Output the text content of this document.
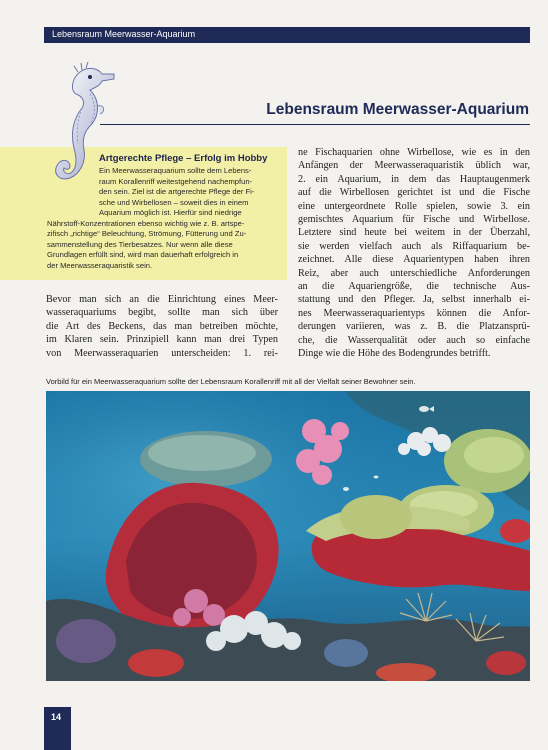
Lebensraum Meerwasser-Aquarium
Lebensraum Meerwasser-Aquarium
Artgerechte Pflege – Erfolg im Hobby
Ein Meerwasseraquarium sollte dem Lebens-
raum Korallenriff weitestgehend nachempfun-
den sein. Ziel ist die artgerechte Pflege der Fi-
sche und Wirbellosen – soweit dies in einem
Aquarium möglich ist. Hierfür sind niedrige
Nährstoff-Konzentrationen ebenso wichtig wie z. B. artspe-
zifisch „richtige“ Beleuchtung, Strömung, Fütterung und Zu-
sammenstellung des Tierbesatzes. Nur wenn alle diese
Grundlagen erfüllt sind, wird man dauerhaft erfolgreich in
der Meerwasseraquaristik sein.
Bevor man sich an die Einrichtung eines Meer-
wasseraquariums begibt, sollte man sich über
die Art des Beckens, das man betreiben möchte,
im Klaren sein. Prinzipiell kann man drei Typen
von Meerwasseraquarien unterscheiden: 1. rei-
ne Fischaquarien ohne Wirbellose, wie es in den
Anfängen der Meerwasseraquaristik üblich war,
2. ein Aquarium, in dem das Hauptaugenmerk
auf die Wirbellosen gerichtet ist und die Fische
eine untergeordnete Rolle spielen, sowie 3. ein
gemischtes Aquarium für Fische und Wirbellose.
Letztere sind heute bei weitem in der Überzahl,
sie werden vielfach auch als Riffaquarium be-
zeichnet. Alle diese Aquarientypen haben ihren
Reiz, aber auch unterschiedliche Anforderungen
an die Aquariengröße, die technische Aus-
stattung und den Pfleger. Ja, selbst innerhalb ei-
nes Meerwasseraquarientyps können die Anfor-
derungen variieren, was z. B. die Platzansprü-
che, die Wasserqualität oder auch so einfache
Dinge wie die Höhe des Bodengrundes betrifft.
Vorbild für ein Meerwasseraquarium sollte der Lebensraum Korallenriff mit all der Vielfalt seiner Bewohner sein.
14
